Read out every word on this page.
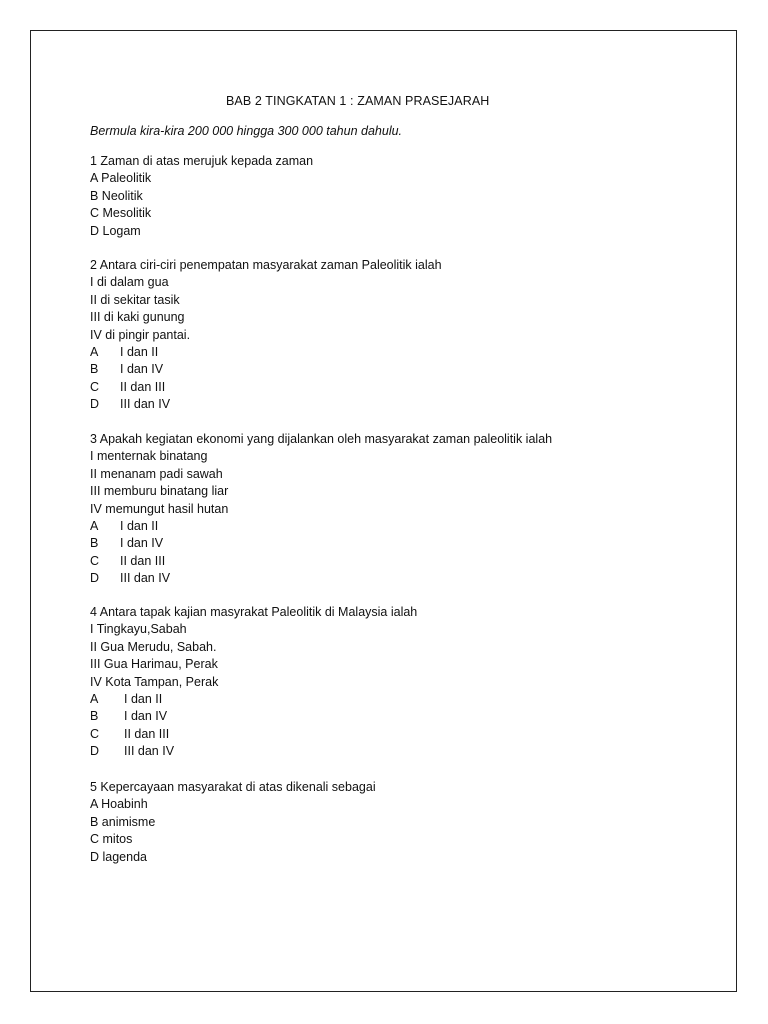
BAB 2 TINGKATAN 1 : ZAMAN PRASEJARAH
Bermula kira-kira 200 000 hingga 300 000 tahun dahulu.
1 Zaman di atas merujuk kepada zaman
A Paleolitik
B Neolitik
C Mesolitik
D Logam
2 Antara ciri-ciri penempatan masyarakat zaman Paleolitik ialah
I di dalam gua
II di sekitar tasik
III di kaki gunung
IV di pingir pantai.
A	I dan II
B	I dan IV
C	II dan III
D	III dan IV
3 Apakah kegiatan ekonomi yang dijalankan oleh masyarakat zaman paleolitik ialah
I menternak binatang
II menanam padi sawah
III memburu binatang liar
IV memungut hasil hutan
A	I dan II
B	I dan IV
C	II dan III
D	III dan IV
4 Antara tapak kajian masyrakat Paleolitik di Malaysia ialah
I Tingkayu,Sabah
II Gua Merudu, Sabah.
III Gua Harimau, Perak
IV Kota Tampan, Perak
A	I dan II
B	I dan IV
C	II dan III
D	III dan IV
5 Kepercayaan masyarakat di atas dikenali sebagai
A Hoabinh
B animisme
C mitos
D lagenda
